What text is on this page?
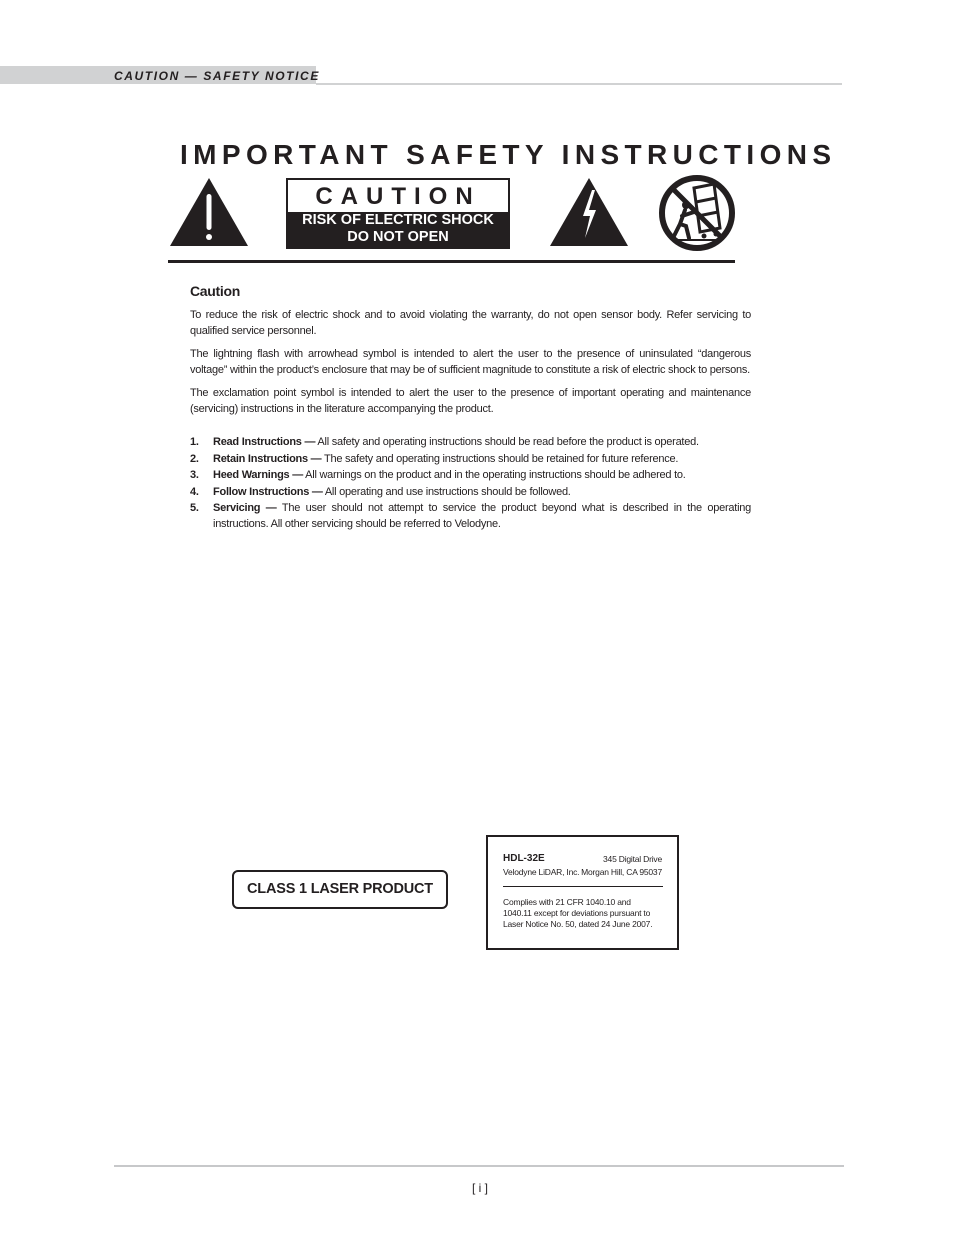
CAUTION — SAFETY NOTICE
IMPORTANT SAFETY INSTRUCTIONS
CAUTION
RISK OF ELECTRIC SHOCK
DO NOT OPEN
Caution
To reduce the risk of electric shock and to avoid violating the warranty, do not open sensor body. Refer servicing to qualified service personnel.
The lightning flash with arrowhead symbol is intended to alert the user to the presence of uninsulated “dangerous voltage” within the product’s enclosure that may be of sufficient magnitude to constitute a risk of electric shock to persons.
The exclamation point symbol is intended to alert the user to the presence of important operating and maintenance (servicing) instructions in the literature accompanying the product.
1. Read Instructions — All safety and operating instructions should be read before the product is operated.
2. Retain Instructions — The safety and operating instructions should be retained for future reference.
3. Heed Warnings — All warnings on the product and in the operating instructions should be adhered to.
4. Follow Instructions — All operating and use instructions should be followed.
5. Servicing — The user should not attempt to service the product beyond what is described in the operating instructions. All other servicing should be referred to Velodyne.
CLASS 1 LASER PRODUCT
HDL-32E
Velodyne LiDAR, Inc.
345 Digital Drive
Morgan Hill, CA 95037
Complies with 21 CFR 1040.10 and 1040.11 except for deviations pursuant to Laser Notice No. 50, dated 24 June 2007.
[ i ]
